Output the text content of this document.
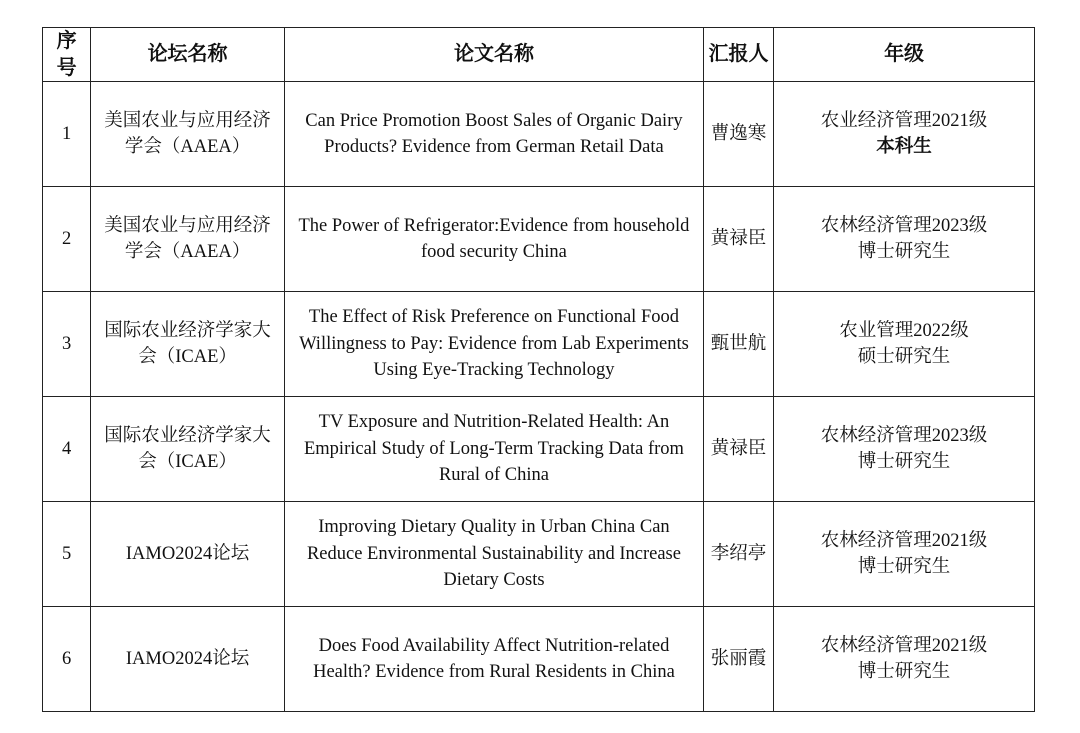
序号	论坛名称	论文名称	汇报人	年级
1	美国农业与应用经济学会（AAEA）	Can Price Promotion Boost Sales of Organic Dairy Products? Evidence from German Retail Data	曹逸寒	农业经济管理2021级
本科生

2	美国农业与应用经济学会（AAEA）	The Power of Refrigerator:Evidence from household food security China	黄禄臣	农林经济管理2023级
博士研究生

3	国际农业经济学家大会（ICAE）	The Effect of Risk Preference on Functional Food Willingness to Pay: Evidence from Lab Experiments Using Eye-Tracking Technology	甄世航	农业管理2022级
硕士研究生

4	国际农业经济学家大会（ICAE）	TV Exposure and Nutrition-Related Health: An Empirical Study of Long-Term Tracking Data from Rural of China	黄禄臣	农林经济管理2023级
博士研究生

5	IAMO2024论坛	Improving Dietary Quality in Urban China Can Reduce Environmental Sustainability and Increase Dietary Costs	李绍亭	农林经济管理2021级
博士研究生

6	IAMO2024论坛	Does Food Availability Affect Nutrition-related Health? Evidence from Rural Residents in China	张丽霞	农林经济管理2021级
博士研究生
